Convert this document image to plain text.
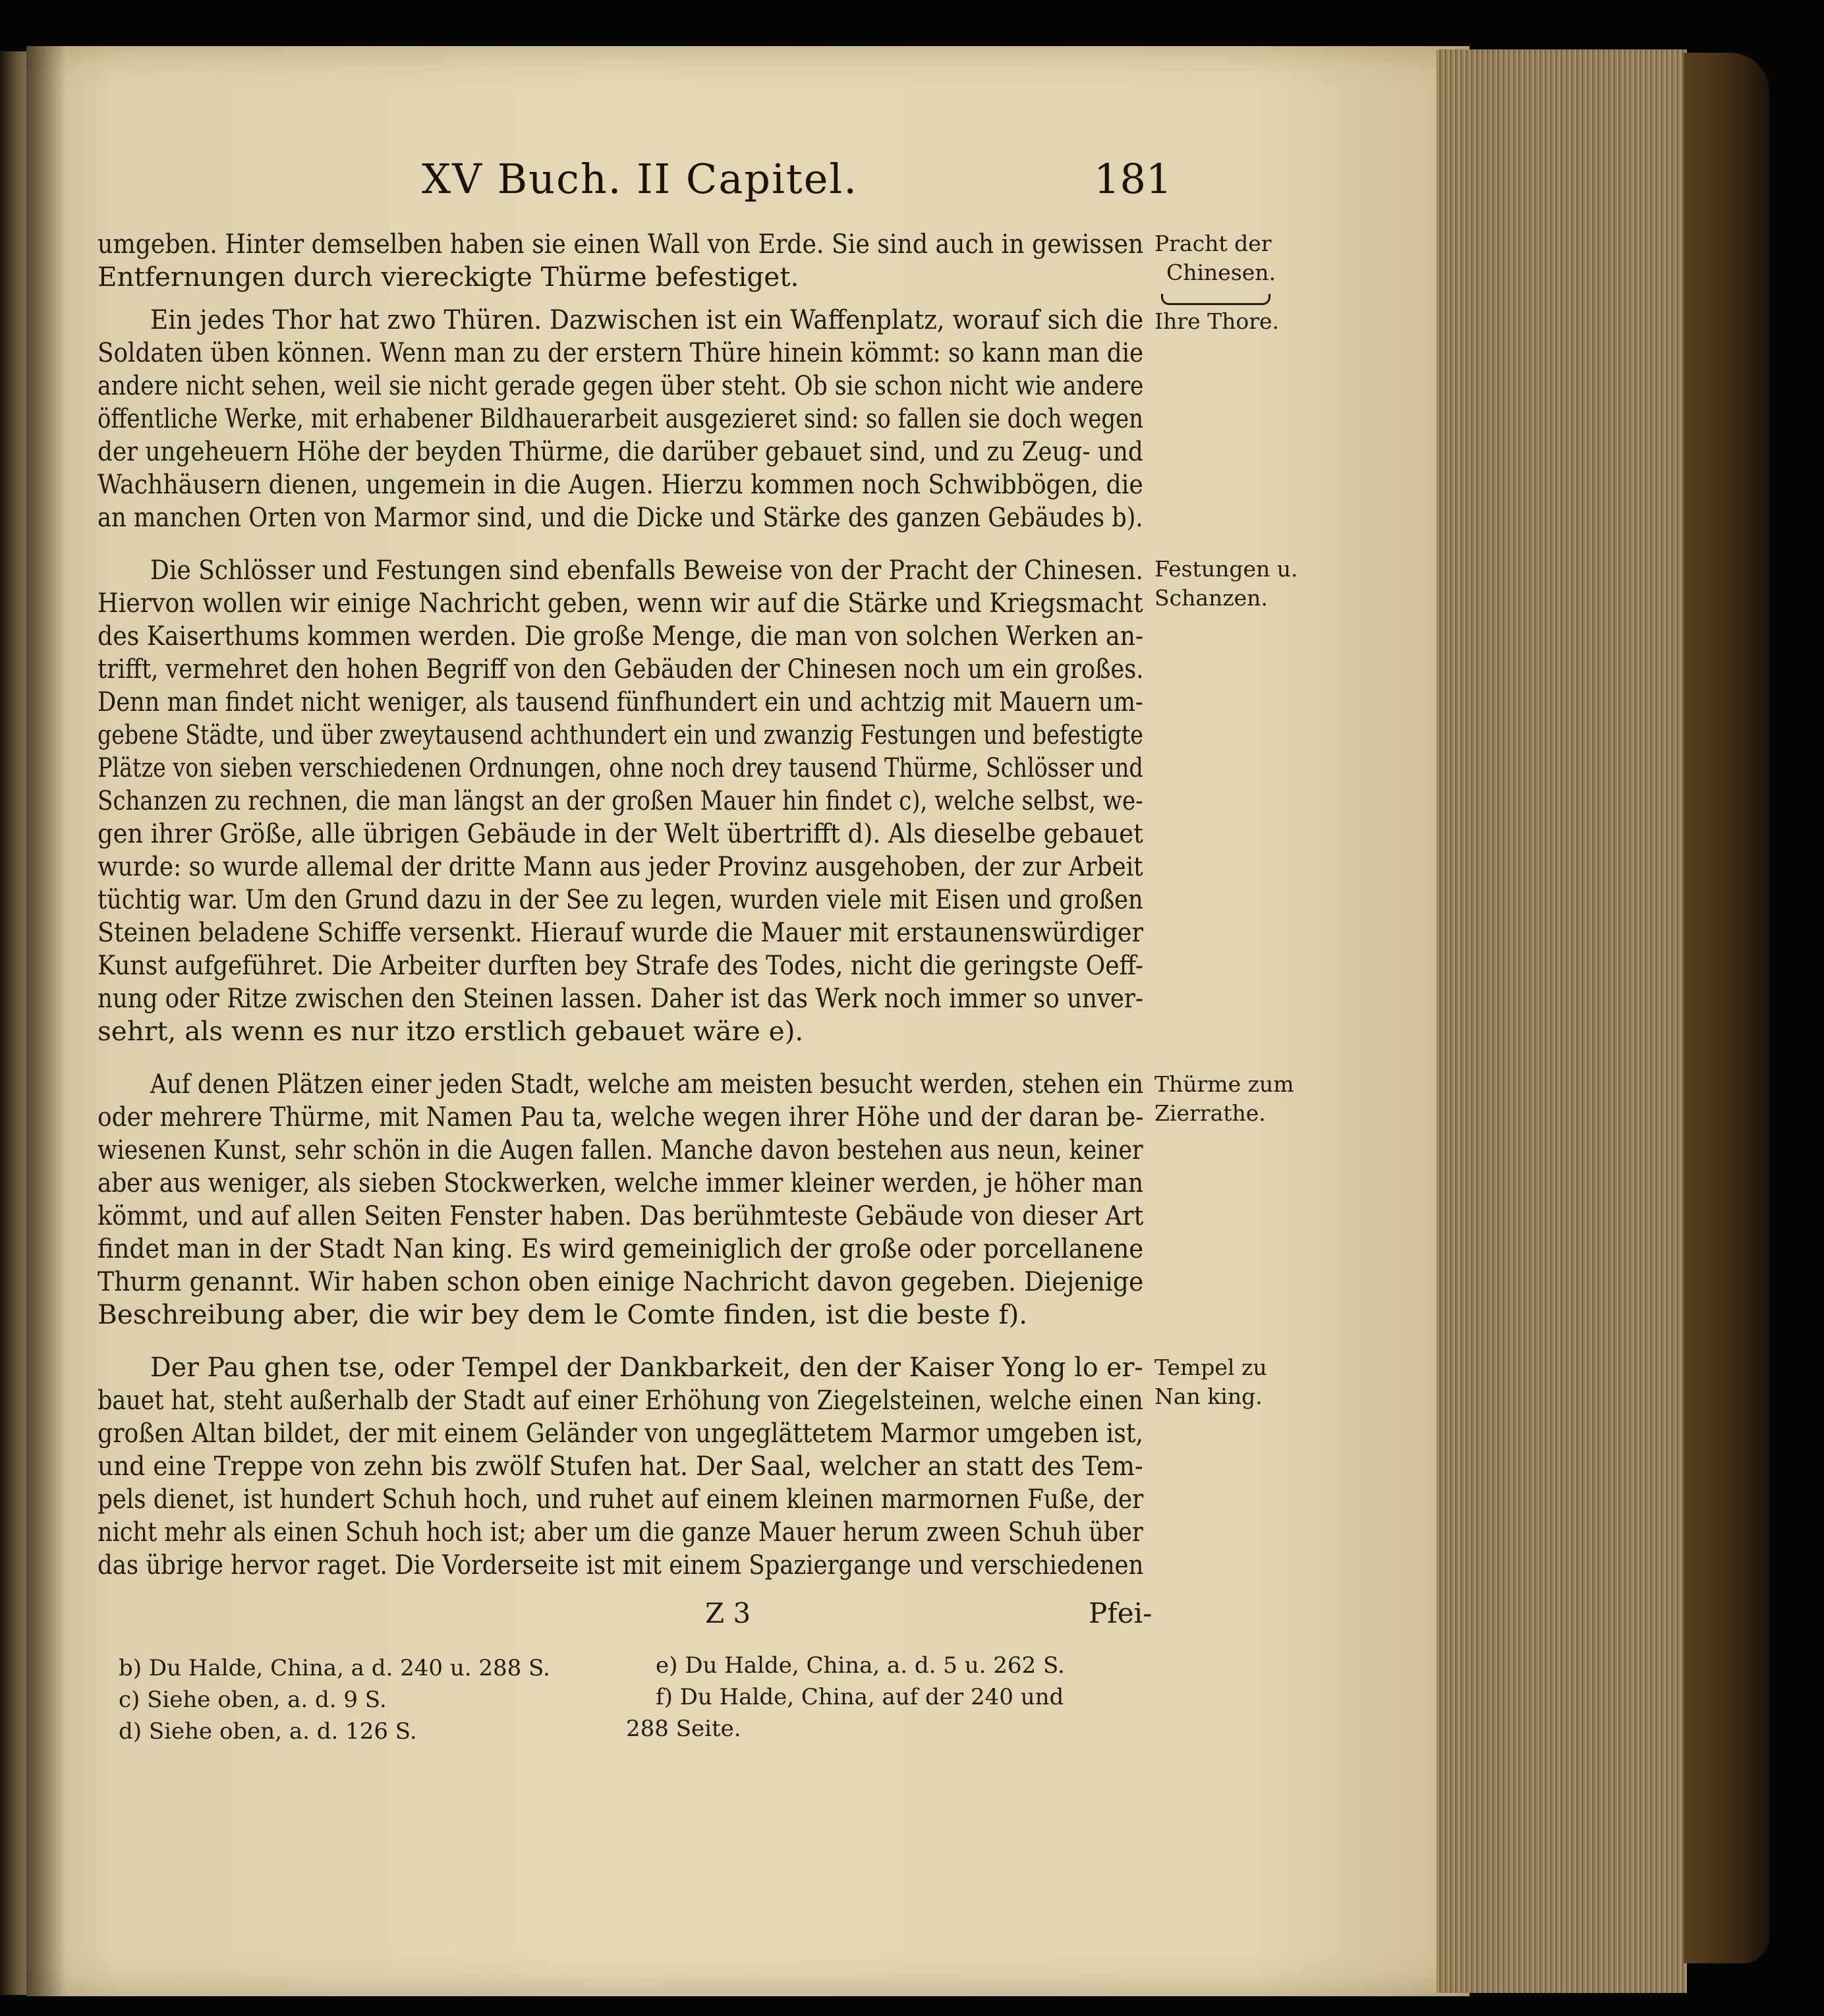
XV Buch. II Capitel.	181
umgeben. Hinter demselben haben sie einen Wall von Erde. Sie sind auch in gewissen
Entfernungen durch viereckigte Thürme befestiget.
Ein jedes Thor hat zwo Thüren. Dazwischen ist ein Waffenplatz, worauf sich die
Soldaten üben können. Wenn man zu der erstern Thüre hinein kömmt: so kann man die
andere nicht sehen, weil sie nicht gerade gegen über steht. Ob sie schon nicht wie andere
öffentliche Werke, mit erhabener Bildhauerarbeit ausgezieret sind: so fallen sie doch wegen
der ungeheuern Höhe der beyden Thürme, die darüber gebauet sind, und zu Zeug- und
Wachhäusern dienen, ungemein in die Augen. Hierzu kommen noch Schwibbögen, die
an manchen Orten von Marmor sind, und die Dicke und Stärke des ganzen Gebäudes b).
Die Schlösser und Festungen sind ebenfalls Beweise von der Pracht der Chinesen.
Hiervon wollen wir einige Nachricht geben, wenn wir auf die Stärke und Kriegsmacht
des Kaiserthums kommen werden. Die große Menge, die man von solchen Werken an-
trifft, vermehret den hohen Begriff von den Gebäuden der Chinesen noch um ein großes.
Denn man findet nicht weniger, als tausend fünfhundert ein und achtzig mit Mauern um-
gebene Städte, und über zweytausend achthundert ein und zwanzig Festungen und befestigte
Plätze von sieben verschiedenen Ordnungen, ohne noch drey tausend Thürme, Schlösser und
Schanzen zu rechnen, die man längst an der großen Mauer hin findet c), welche selbst, we-
gen ihrer Größe, alle übrigen Gebäude in der Welt übertrifft d). Als dieselbe gebauet
wurde: so wurde allemal der dritte Mann aus jeder Provinz ausgehoben, der zur Arbeit
tüchtig war. Um den Grund dazu in der See zu legen, wurden viele mit Eisen und großen
Steinen beladene Schiffe versenkt. Hierauf wurde die Mauer mit erstaunenswürdiger
Kunst aufgeführet. Die Arbeiter durften bey Strafe des Todes, nicht die geringste Oeff-
nung oder Ritze zwischen den Steinen lassen. Daher ist das Werk noch immer so unver-
sehrt, als wenn es nur itzo erstlich gebauet wäre e).
Auf denen Plätzen einer jeden Stadt, welche am meisten besucht werden, stehen ein
oder mehrere Thürme, mit Namen Pau ta, welche wegen ihrer Höhe und der daran be-
wiesenen Kunst, sehr schön in die Augen fallen. Manche davon bestehen aus neun, keiner
aber aus weniger, als sieben Stockwerken, welche immer kleiner werden, je höher man
kömmt, und auf allen Seiten Fenster haben. Das berühmteste Gebäude von dieser Art
findet man in der Stadt Nan king. Es wird gemeiniglich der große oder porcellanene
Thurm genannt. Wir haben schon oben einige Nachricht davon gegeben. Diejenige
Beschreibung aber, die wir bey dem le Comte finden, ist die beste f).
Der Pau ghen tse, oder Tempel der Dankbarkeit, den der Kaiser Yong lo er-
bauet hat, steht außerhalb der Stadt auf einer Erhöhung von Ziegelsteinen, welche einen
großen Altan bildet, der mit einem Geländer von ungeglättetem Marmor umgeben ist,
und eine Treppe von zehn bis zwölf Stufen hat. Der Saal, welcher an statt des Tem-
pels dienet, ist hundert Schuh hoch, und ruhet auf einem kleinen marmornen Fuße, der
nicht mehr als einen Schuh hoch ist; aber um die ganze Mauer herum zween Schuh über
das übrige hervor raget. Die Vorderseite ist mit einem Spaziergange und verschiedenen
Pracht der
Chinesen.
Ihre Thore.
Festungen u.
Schanzen.
Thürme zum
Zierrathe.
Tempel zu
Nan king.
Z 3	Pfei-
b) Du Halde, China, a d. 240 u. 288 S.
c) Siehe oben, a. d. 9 S.
d) Siehe oben, a. d. 126 S.
e) Du Halde, China, a. d. 5 u. 262 S.
f) Du Halde, China, auf der 240 und
288 Seite.
